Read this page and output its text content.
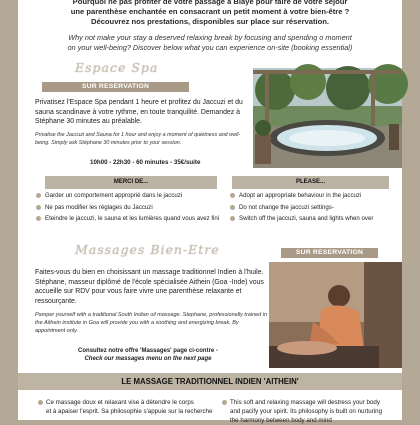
Pourquoi ne pas profiter de votre passage à Blaye pour faire de votre séjour

une parenthèse enchantée en consacrant un petit moment à votre bien-être ?

Découvrez nos prestations, disponibles sur place sur réservation.

Why not make your stay a deserved relaxing break by focusing and spending o moment

on your well-being? Discover below what you can experience on-site (booking essential)

Espace Spa
SUR RESERVATION

Privatisez l'Espace Spa pendant 1 heure et profitez du Jaccuzi et du sauna scandinave à votre rythme, en toute tranquilité. Demandez à Stéphane 30 minutes au préalable.

Privatise the Jaccuzi and Sauna for 1 hour and enjoy a moment of quietness and well-being. Simply ask Stéphane 30 minutes prior to your session.

10h00 - 22h30 - 60 minutes - 35€/suite
MERCI DE...	PLEASE...
Garder un comportement approprié dans le jaccuzi
Ne pas modifier les réglages du Jaccuzi
Eteindre le jaccuzi, le sauna et les lumières quand vous avez fini
Adopt an appropriate behaviour in the jaccuzi
Do not change the jaccuzi settings-
Switch off the jaccuzi, sauna and lights when over
Massages Bien-Etre	SUR RESERVATION

Faites-vous du bien en choisissant un massage traditionnel Indien à l'huile. Stéphane, masseur diplômé de l'école spécialisée Aithein (Goa -Inde) vous accueille sur RDV pour vous faire vivre une parenthèse relaxante et ressourçante.

Pamper yourself with a traditional South Indian oil massage. Stephane, professionally trained in the Aithein institute in Goa will provide you with a soothing and energizing break. By appointment only.

Consultez notre offre 'Massages' page ci-contre -
Check our massages menu on the next page
LE MASSAGE TRADITIONNEL INDIEN 'AITHEIN'
Ce massage doux et relaxant vise à détendre le corps
et à apaiser l'esprit. Sa philosophie s'appuie sur la recherche
This soft and relaxing massage will destress your body
and pacify your spirit. Its philosophy is built on nurturing
the harmony between body and mind
